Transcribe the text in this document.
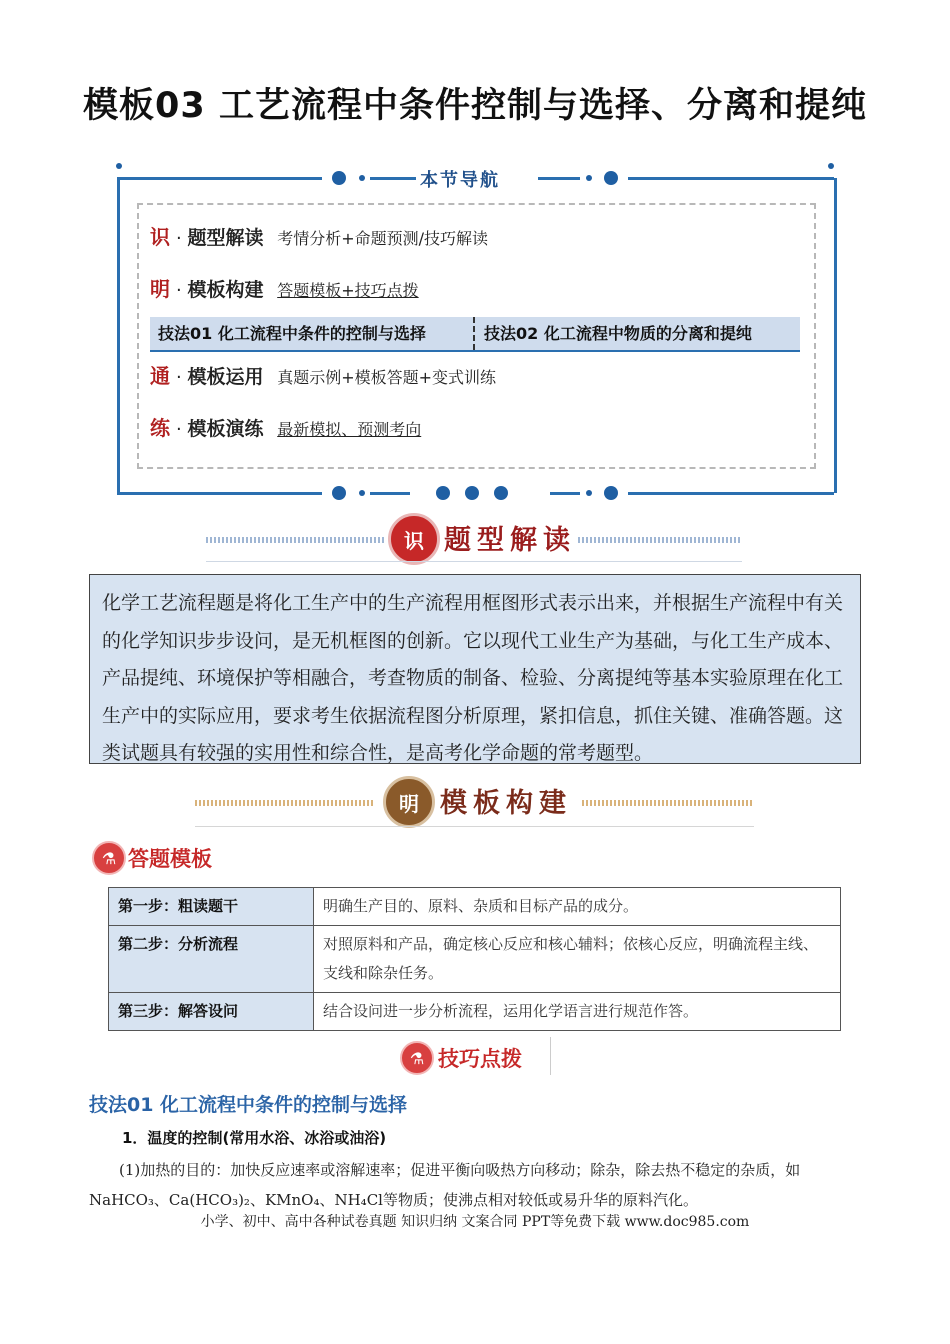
模板03 工艺流程中条件控制与选择、分离和提纯
本节导航
识 · 题型解读 考情分析+命题预测/技巧解读
明 · 模板构建 答题模板+技巧点拨
技法01 化工流程中条件的控制与选择	技法02 化工流程中物质的分离和提纯
通 · 模板运用 真题示例+模板答题+变式训练
练 · 模板演练 最新模拟、预测考向
识 题型解读

化学工艺流程题是将化工生产中的生产流程用框图形式表示出来，并根据生产流程中有关的化学知识步步设问，是无机框图的创新。它以现代工业生产为基础，与化工生产成本、产品提纯、环境保护等相融合，考查物质的制备、检验、分离提纯等基本实验原理在化工生产中的实际应用，要求考生依据流程图分析原理，紧扣信息，抓住关键、准确答题。这类试题具有较强的实用性和综合性，是高考化学命题的常考题型。

明 模板构建
⚗ 答题模板
第一步：粗读题干	明确生产目的、原料、杂质和目标产品的成分。
第二步：分析流程	对照原料和产品，确定核心反应和核心辅料；依核心反应，明确流程主线、支线和除杂任务。
第三步：解答设问	结合设问进一步分析流程，运用化学语言进行规范作答。
⚗ 技巧点拨
技法01 化工流程中条件的控制与选择
1．温度的控制(常用水浴、冰浴或油浴)
(1)加热的目的：加快反应速率或溶解速率；促进平衡向吸热方向移动；除杂，除去热不稳定的杂质，如NaHCO₃、Ca(HCO₃)₂、KMnO₄、NH₄Cl等物质；使沸点相对较低或易升华的原料汽化。
小学、初中、高中各种试卷真题 知识归纳 文案合同 PPT等免费下载 www.doc985.com
